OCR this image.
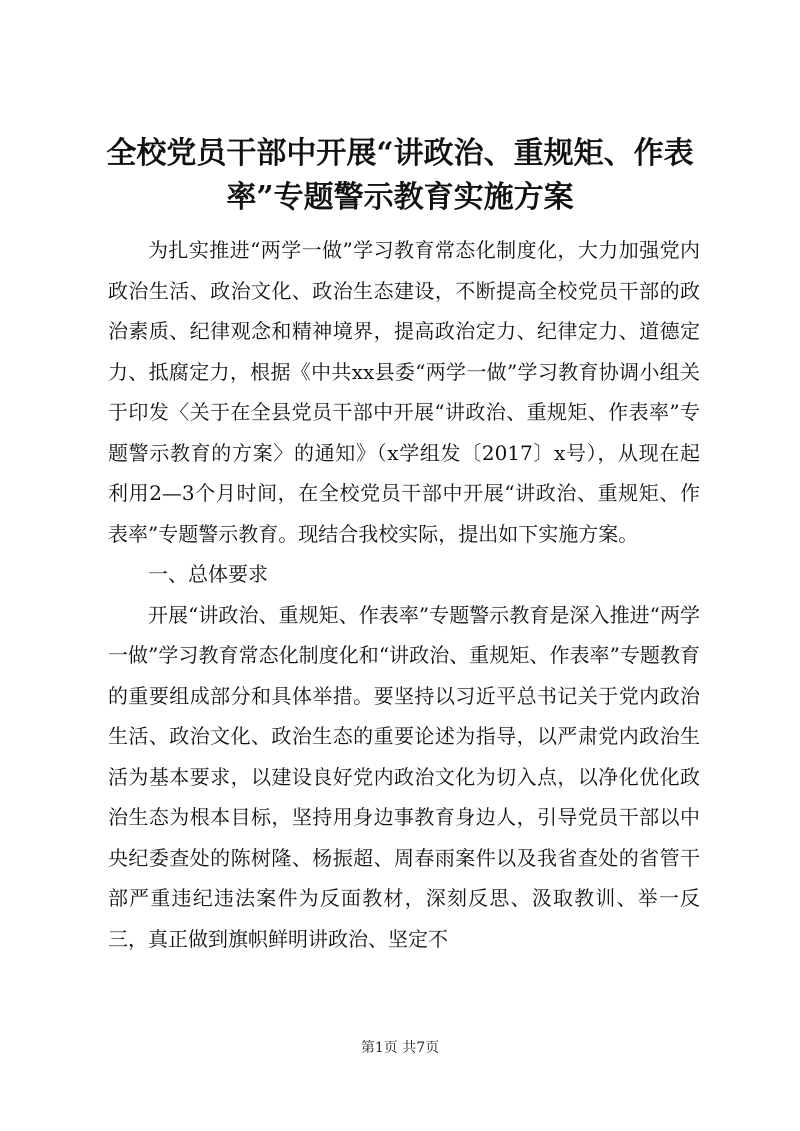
全校党员干部中开展“讲政治、重规矩、作表率”专题警示教育实施方案

为扎实推进“两学一做”学习教育常态化制度化，大力加强党内政治生活、政治文化、政治生态建设，不断提高全校党员干部的政治素质、纪律观念和精神境界，提高政治定力、纪律定力、道德定力、抵腐定力，根据《中共xx县委“两学一做”学习教育协调小组关于印发〈关于在全县党员干部中开展“讲政治、重规矩、作表率”专题警示教育的方案〉的通知》（x学组发〔2017〕x号），从现在起利用2—3个月时间，在全校党员干部中开展“讲政治、重规矩、作表率”专题警示教育。现结合我校实际，提出如下实施方案。

一、总体要求

开展“讲政治、重规矩、作表率”专题警示教育是深入推进“两学一做”学习教育常态化制度化和“讲政治、重规矩、作表率”专题教育的重要组成部分和具体举措。要坚持以习近平总书记关于党内政治生活、政治文化、政治生态的重要论述为指导，以严肃党内政治生活为基本要求，以建设良好党内政治文化为切入点，以净化优化政治生态为根本目标，坚持用身边事教育身边人，引导党员干部以中央纪委查处的陈树隆、杨振超、周春雨案件以及我省查处的省管干部严重违纪违法案件为反面教材，深刻反思、汲取教训、举一反三，真正做到旗帜鲜明讲政治、坚定不

第1页 共7页
